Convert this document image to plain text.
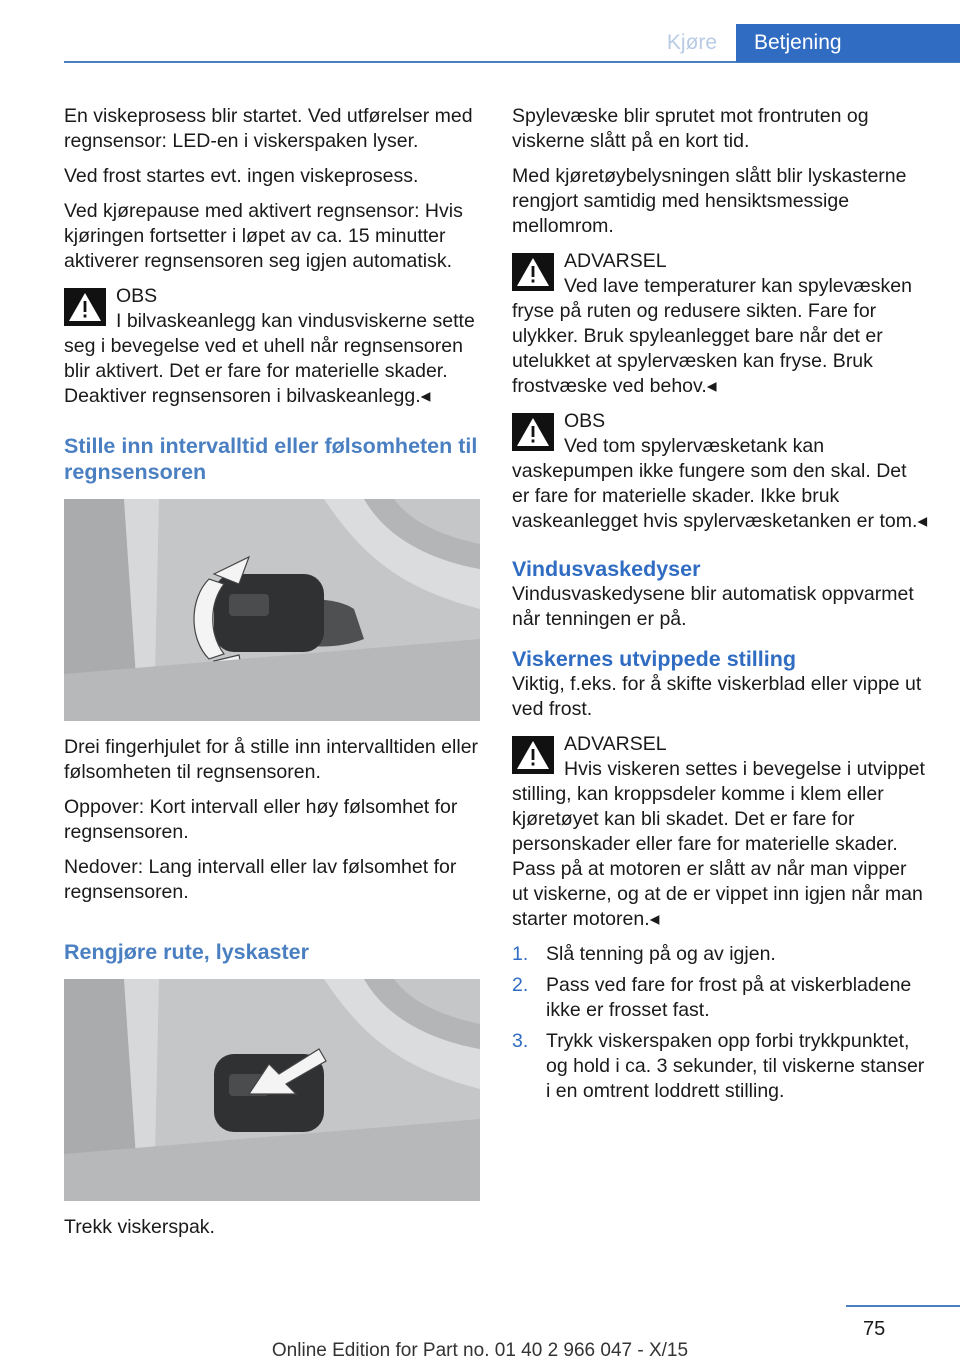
Kjøre	Betjening

En viskeprosess blir startet. Ved utførelser med regnsensor: LED-en i viskerspaken lyser.

Ved frost startes evt. ingen viskeprosess.

Ved kjørepause med aktivert regnsensor: Hvis kjøringen fortsetter i løpet av ca. 15 minutter aktiverer regnsensoren seg igjen automatisk.

OBS
I bilvaskeanlegg kan vindusviskerne sette seg i bevegelse ved et uhell når regnsensoren blir aktivert. Det er fare for materielle skader. Deaktiver regnsensoren i bilvaskeanlegg.◂
Stille inn intervalltid eller følsomheten til regnsensoren

Drei fingerhjulet for å stille inn intervalltiden eller følsomheten til regnsensoren.

Oppover: Kort intervall eller høy følsomhet for regnsensoren.

Nedover: Lang intervall eller lav følsomhet for regnsensoren.

Rengjøre rute, lyskaster

Trekk viskerspak.

Spylevæske blir sprutet mot frontruten og viskerne slått på en kort tid.

Med kjøretøybelysningen slått blir lyskasterne rengjort samtidig med hensiktsmessige mellomrom.

ADVARSEL
Ved lave temperaturer kan spylevæsken fryse på ruten og redusere sikten. Fare for ulykker. Bruk spyleanlegget bare når det er utelukket at spylervæsken kan fryse. Bruk frostvæske ved behov.◂
OBS
Ved tom spylervæsketank kan vaskepumpen ikke fungere som den skal. Det er fare for materielle skader. Ikke bruk vaskeanlegget hvis spylervæsketanken er tom.◂
Vindusvaskedyser

Vindusvaskedysene blir automatisk oppvarmet når tenningen er på.

Viskernes utvippede stilling

Viktig, f.eks. for å skifte viskerblad eller vippe ut ved frost.

ADVARSEL
Hvis viskeren settes i bevegelse i utvippet stilling, kan kroppsdeler komme i klem eller kjøretøyet kan bli skadet. Det er fare for personskader eller fare for materielle skader. Pass på at motoren er slått av når man vipper ut viskerne, og at de er vippet inn igjen når man starter motoren.◂
1. Slå tenning på og av igjen.
2. Pass ved fare for frost på at viskerbladene ikke er frosset fast.
3. Trykk viskerspaken opp forbi trykkpunktet, og hold i ca. 3 sekunder, til viskerne stanser i en omtrent loddrett stilling.
75
Online Edition for Part no. 01 40 2 966 047 - X/15
